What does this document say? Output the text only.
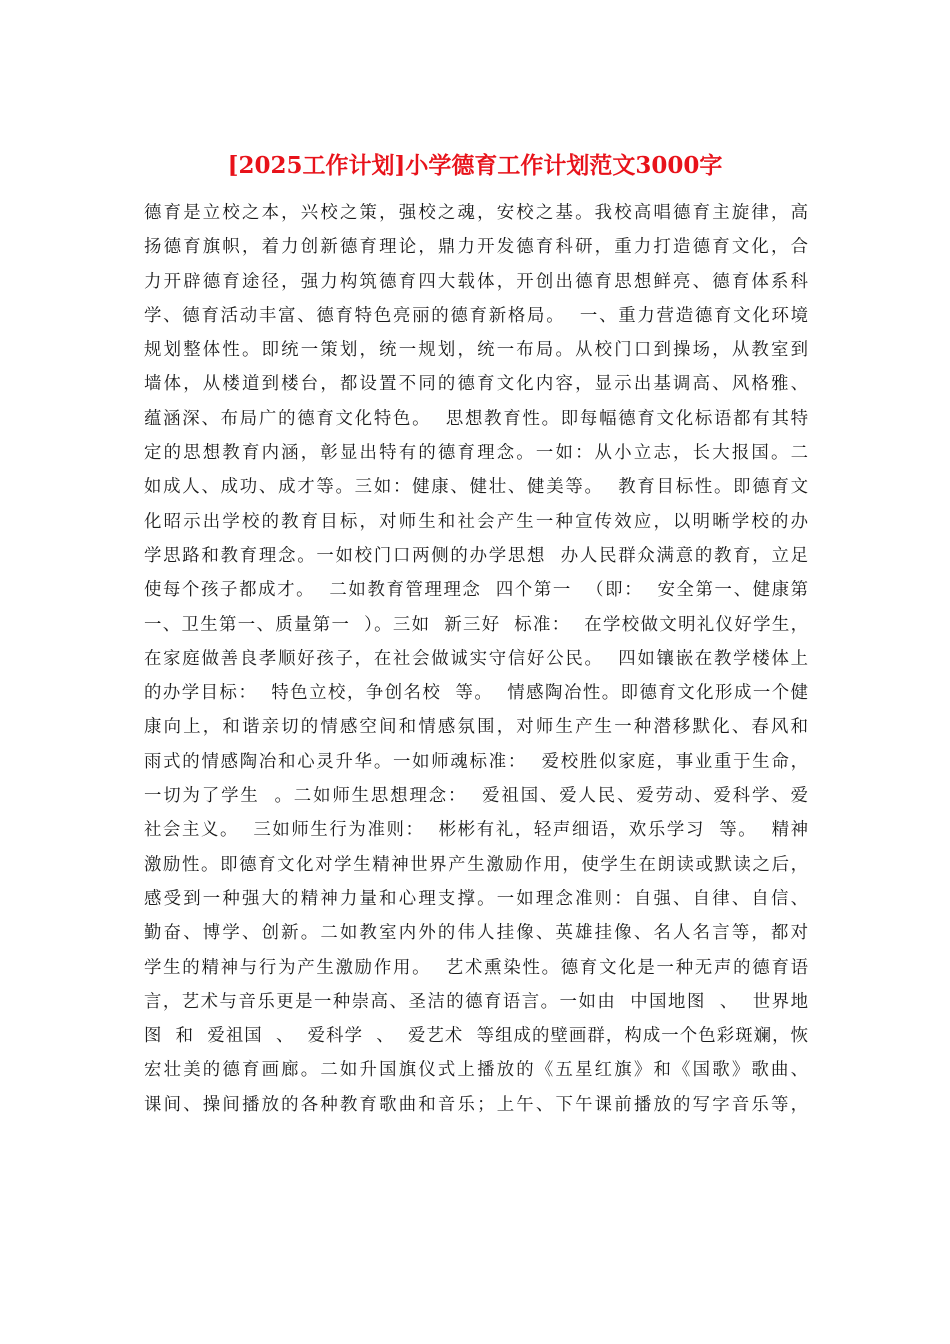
[2025工作计划]小学德育工作计划范文3000字
德育是立校之本，兴校之策，强校之魂，安校之基。我校高唱德育主旋律，高
扬德育旗帜，着力创新德育理论，鼎力开发德育科研，重力打造德育文化，合
力开辟德育途径，强力构筑德育四大载体，开创出德育思想鲜亮、德育体系科
学、德育活动丰富、德育特色亮丽的德育新格局。  一、重力营造德育文化环境
规划整体性。即统一策划，统一规划，统一布局。从校门口到操场，从教室到
墙体，从楼道到楼台，都设置不同的德育文化内容，显示出基调高、风格雅、
蕴涵深、布局广的德育文化特色。  思想教育性。即每幅德育文化标语都有其特
定的思想教育内涵，彰显出特有的德育理念。一如：从小立志，长大报国。二
如成人、成功、成才等。三如：健康、健壮、健美等。  教育目标性。即德育文
化昭示出学校的教育目标，对师生和社会产生一种宣传效应，以明晰学校的办
学思路和教育理念。一如校门口两侧的办学思想  办人民群众满意的教育，立足
使每个孩子都成才。  二如教育管理理念  四个第一  （即：  安全第一、健康第
一、卫生第一、质量第一  ）。三如  新三好  标准：  在学校做文明礼仪好学生，
在家庭做善良孝顺好孩子，在社会做诚实守信好公民。  四如镶嵌在教学楼体上
的办学目标：  特色立校，争创名校  等。  情感陶冶性。即德育文化形成一个健
康向上，和谐亲切的情感空间和情感氛围，对师生产生一种潜移默化、春风和
雨式的情感陶冶和心灵升华。一如师魂标准：  爱校胜似家庭，事业重于生命，
一切为了学生  。二如师生思想理念：  爱祖国、爱人民、爱劳动、爱科学、爱
社会主义。  三如师生行为准则：  彬彬有礼，轻声细语，欢乐学习  等。  精神
激励性。即德育文化对学生精神世界产生激励作用，使学生在朗读或默读之后，
感受到一种强大的精神力量和心理支撑。一如理念准则：自强、自律、自信、
勤奋、博学、创新。二如教室内外的伟人挂像、英雄挂像、名人名言等，都对
学生的精神与行为产生激励作用。  艺术熏染性。德育文化是一种无声的德育语
言，艺术与音乐更是一种崇高、圣洁的德育语言。一如由  中国地图  、  世界地
图  和  爱祖国  、  爱科学  、  爱艺术  等组成的壁画群，构成一个色彩斑斓，恢
宏壮美的德育画廊。二如升国旗仪式上播放的《五星红旗》和《国歌》歌曲、
课间、操间播放的各种教育歌曲和音乐；上午、下午课前播放的写字音乐等，
